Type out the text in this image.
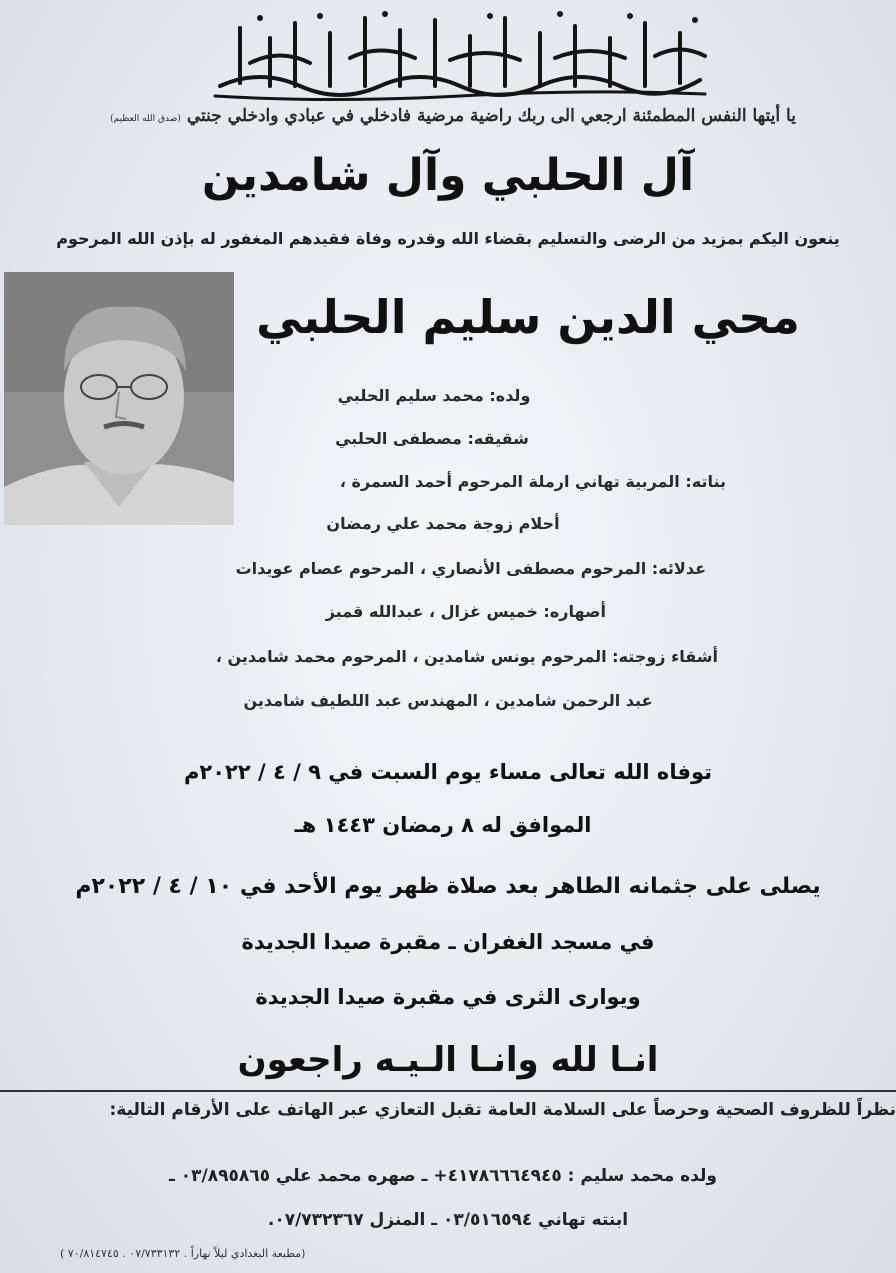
يا أيتها النفس المطمئنة ارجعي الى ربك راضية مرضية فادخلي في عبادي وادخلي جنتي (صدق الله العظيم)
آل الحلبي وآل شامدين
ينعون اليكم بمزيد من الرضى والتسليم بقضاء الله وقدره وفاة فقيدهم المغفور له بإذن الله المرحوم
محي الدين سليم الحلبي
ولده: محمد سليم الحلبي
شقيقه: مصطفى الحلبي
بناته: المربية تهاني ارملة المرحوم أحمد السمرة ،
أحلام زوجة محمد علي رمضان
عدلائه: المرحوم مصطفى الأنصاري ، المرحوم عصام عويدات
أصهاره: خميس غزال ، عبدالله قمبز
أشقاء زوجته: المرحوم يونس شامدين ، المرحوم محمد شامدين ،
عبد الرحمن شامدين ، المهندس عبد اللطيف شامدين
توفاه الله تعالى مساء يوم السبت في ٩ / ٤ / ٢٠٢٢م
الموافق له ٨ رمضان ١٤٤٣ هـ
يصلى على جثمانه الطاهر بعد صلاة ظهر يوم الأحد في ١٠ / ٤ / ٢٠٢٢م
في مسجد الغفران ـ مقبرة صيدا الجديدة
ويوارى الثرى في مقبرة صيدا الجديدة
انـا لله وانـا الـيـه راجعون
نظراً للظروف الصحية وحرصاً على السلامة العامة تقبل التعازي عبر الهاتف على الأرقام التالية:
ولده محمد سليم : ٤١٧٨٦٦٦٤٩٤٥+ ـ صهره محمد علي ٠٣/٨٩٥٨٦٥ ـ
ابنته تهاني ٠٣/٥١٦٥٩٤ ـ المنزل ٠٧/٧٣٢٣٦٧.
(مطبعة البغدادي ليلاً نهاراً . ٠٧/٧٣٣١٣٢ . ٧٠/٨١٤٧٤٥ )
